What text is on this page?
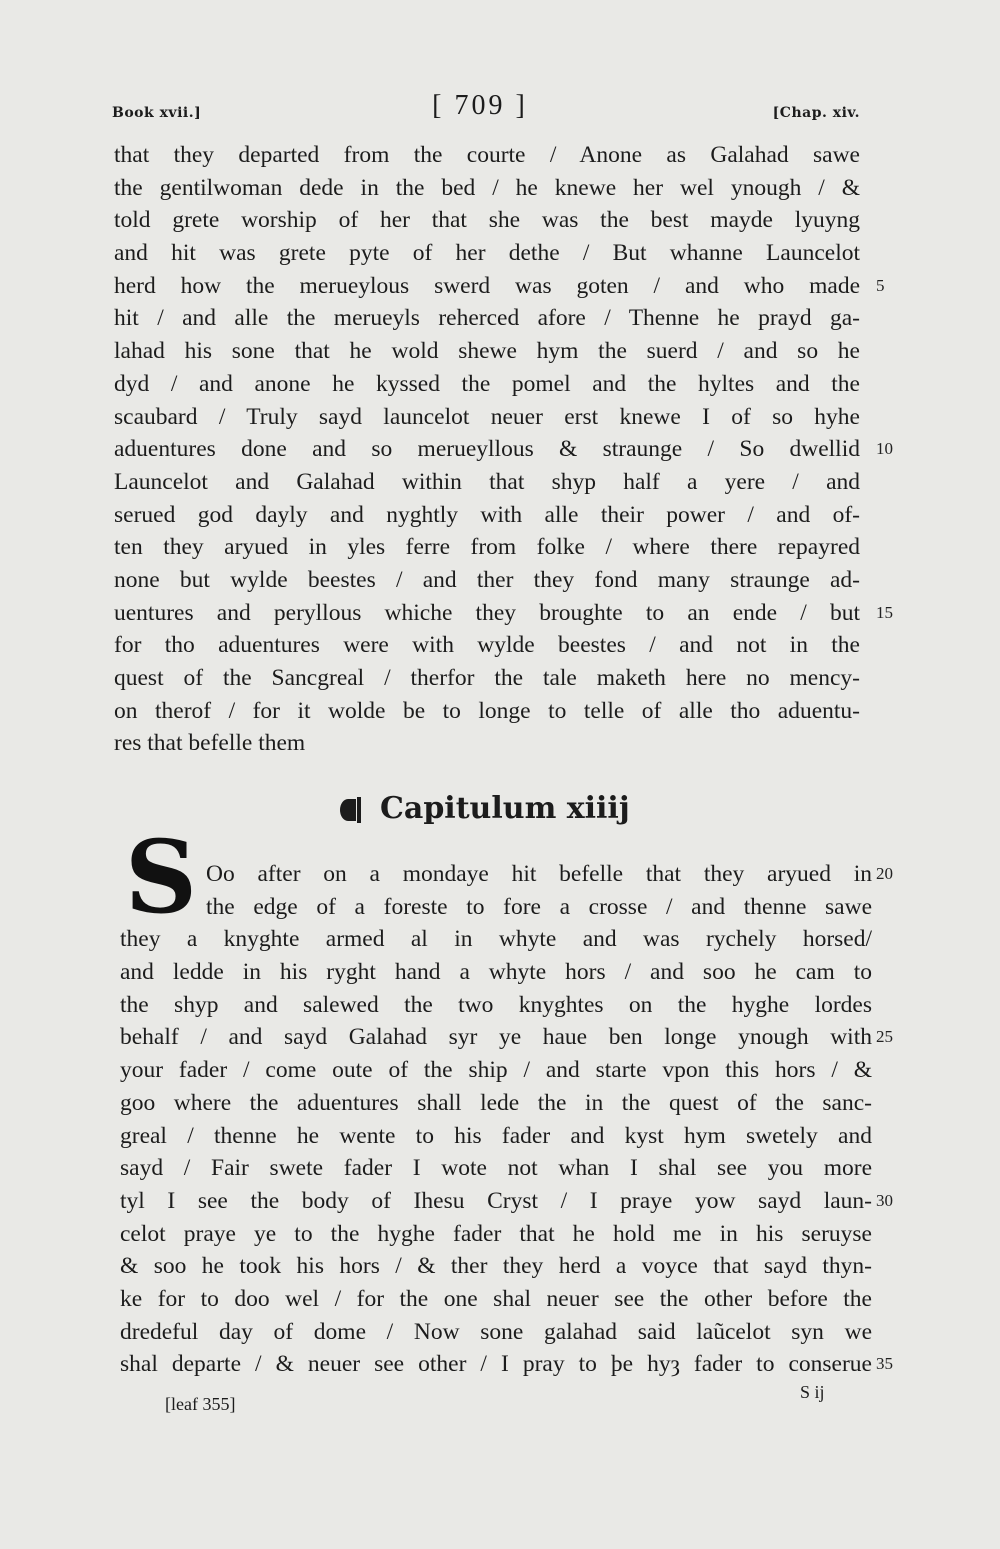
Book xvii.]	[ 709 ]	[Chap. xiv.
that they departed from the courte / Anone as Galahad sawe
the gentilwoman dede in the bed / he knewe her wel ynough / &
told grete worship of her that she was the best mayde lyuyng
and hit was grete pyte of her dethe / But whanne Launcelot
herd how the merueylous swerd was goten / and who made 5
hit / and alle the merueyls reherced afore / Thenne he prayd ga-
lahad his sone that he wold shewe hym the suerd / and so he
dyd / and anone he kyssed the pomel and the hyltes and the
scaubard / Truly sayd launcelot neuer erst knewe I of so hyhe
aduentures done and so merueyllous & straunge / So dwellid 10
Launcelot and Galahad within that shyp half a yere / and
serued god dayly and nyghtly with alle their power / and of-
ten they aryued in yles ferre from folke / where there repayred
none but wylde beestes / and ther they fond many straunge ad-
uentures and peryllous whiche they broughte to an ende / but 15
for tho aduentures were with wylde beestes / and not in the
quest of the Sancgreal / therfor the tale maketh here no mency-
on therof / for it wolde be to longe to telle of alle tho aduentu-
res that befelle them
Capitulum xiiij
S Oo after on a mondaye hit befelle that they aryued in 20
the edge of a foreste to fore a crosse / and thenne sawe
they a knyghte armed al in whyte and was rychely horsed/
and ledde in his ryght hand a whyte hors / and soo he cam to
the shyp and salewed the two knyghtes on the hyghe lordes
behalf / and sayd Galahad syr ye haue ben longe ynough with 25
your fader / come oute of the ship / and starte vpon this hors / &
goo where the aduentures shall lede the in the quest of the sanc-
greal / thenne he wente to his fader and kyst hym swetely and
sayd / Fair swete fader I wote not whan I shal see you more
tyl I see the body of Ihesu Cryst / I praye yow sayd laun- 30
celot praye ye to the hyghe fader that he hold me in his seruyse
& soo he took his hors / & ther they herd a voyce that sayd thyn-
ke for to doo wel / for the one shal neuer see the other before the
dredeful day of dome / Now sone galahad said laũcelot syn we
shal departe / & neuer see other / I pray to þe hyȝ fader to conserue 35
[leaf 355]
S ij
